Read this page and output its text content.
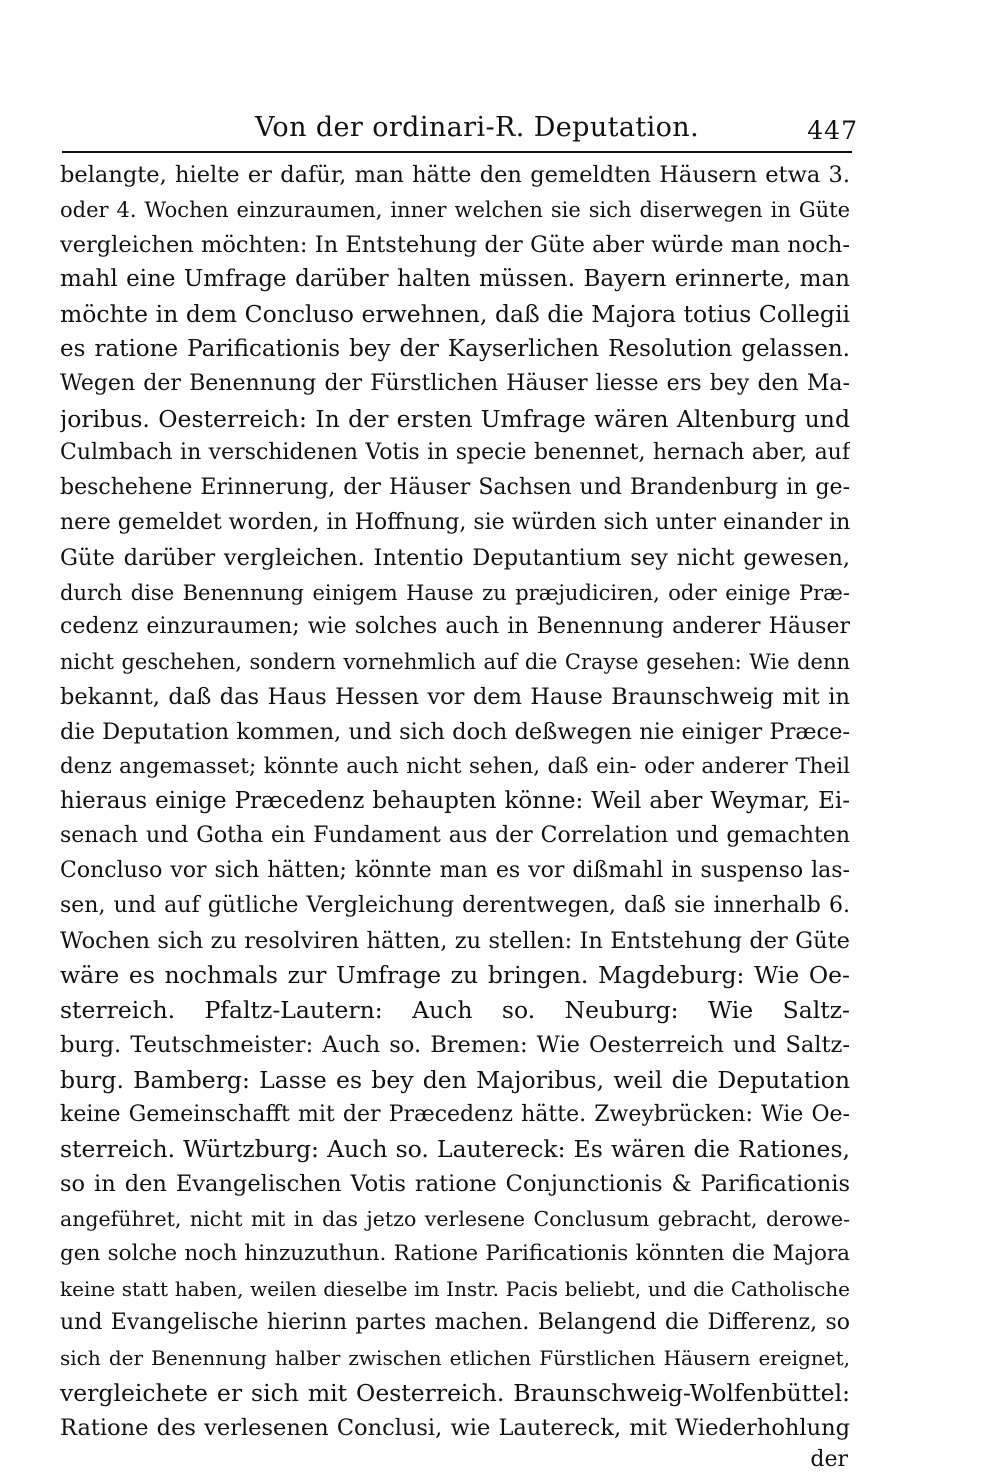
Von der ordinari-R. Deputation.	447
belangte, hielte er dafür, man hätte den gemeldten Häusern etwa 3.
oder 4. Wochen einzuraumen, inner welchen sie sich diserwegen in Güte
vergleichen möchten: In Entstehung der Güte aber würde man noch-
mahl eine Umfrage darüber halten müssen. Bayern erinnerte, man
möchte in dem Concluso erwehnen, daß die Majora totius Collegii
es ratione Parificationis bey der Kayserlichen Resolution gelassen.
Wegen der Benennung der Fürstlichen Häuser liesse ers bey den Ma-
joribus. Oesterreich: In der ersten Umfrage wären Altenburg und
Culmbach in verschidenen Votis in specie benennet, hernach aber, auf
beschehene Erinnerung, der Häuser Sachsen und Brandenburg in ge-
nere gemeldet worden, in Hoffnung, sie würden sich unter einander in
Güte darüber vergleichen. Intentio Deputantium sey nicht gewesen,
durch dise Benennung einigem Hause zu præjudiciren, oder einige Præ-
cedenz einzuraumen; wie solches auch in Benennung anderer Häuser
nicht geschehen, sondern vornehmlich auf die Crayse gesehen: Wie denn
bekannt, daß das Haus Hessen vor dem Hause Braunschweig mit in
die Deputation kommen, und sich doch deßwegen nie einiger Præce-
denz angemasset; könnte auch nicht sehen, daß ein- oder anderer Theil
hieraus einige Præcedenz behaupten könne: Weil aber Weymar, Ei-
senach und Gotha ein Fundament aus der Correlation und gemachten
Concluso vor sich hätten; könnte man es vor dißmahl in suspenso las-
sen, und auf gütliche Vergleichung derentwegen, daß sie innerhalb 6.
Wochen sich zu resolviren hätten, zu stellen: In Entstehung der Güte
wäre es nochmals zur Umfrage zu bringen. Magdeburg: Wie Oe-
sterreich. Pfaltz-Lautern: Auch so. Neuburg: Wie Saltz-
burg. Teutschmeister: Auch so. Bremen: Wie Oesterreich und Saltz-
burg. Bamberg: Lasse es bey den Majoribus, weil die Deputation
keine Gemeinschafft mit der Præcedenz hätte. Zweybrücken: Wie Oe-
sterreich. Würtzburg: Auch so. Lautereck: Es wären die Rationes,
so in den Evangelischen Votis ratione Conjunctionis & Parificationis
angeführet, nicht mit in das jetzo verlesene Conclusum gebracht, derowe-
gen solche noch hinzuzuthun. Ratione Parificationis könnten die Majora
keine statt haben, weilen dieselbe im Instr. Pacis beliebt, und die Catholische
und Evangelische hierinn partes machen. Belangend die Differenz, so
sich der Benennung halber zwischen etlichen Fürstlichen Häusern ereignet,
vergleichete er sich mit Oesterreich. Braunschweig-Wolfenbüttel:
Ratione des verlesenen Conclusi, wie Lautereck, mit Wiederhohlung
der
